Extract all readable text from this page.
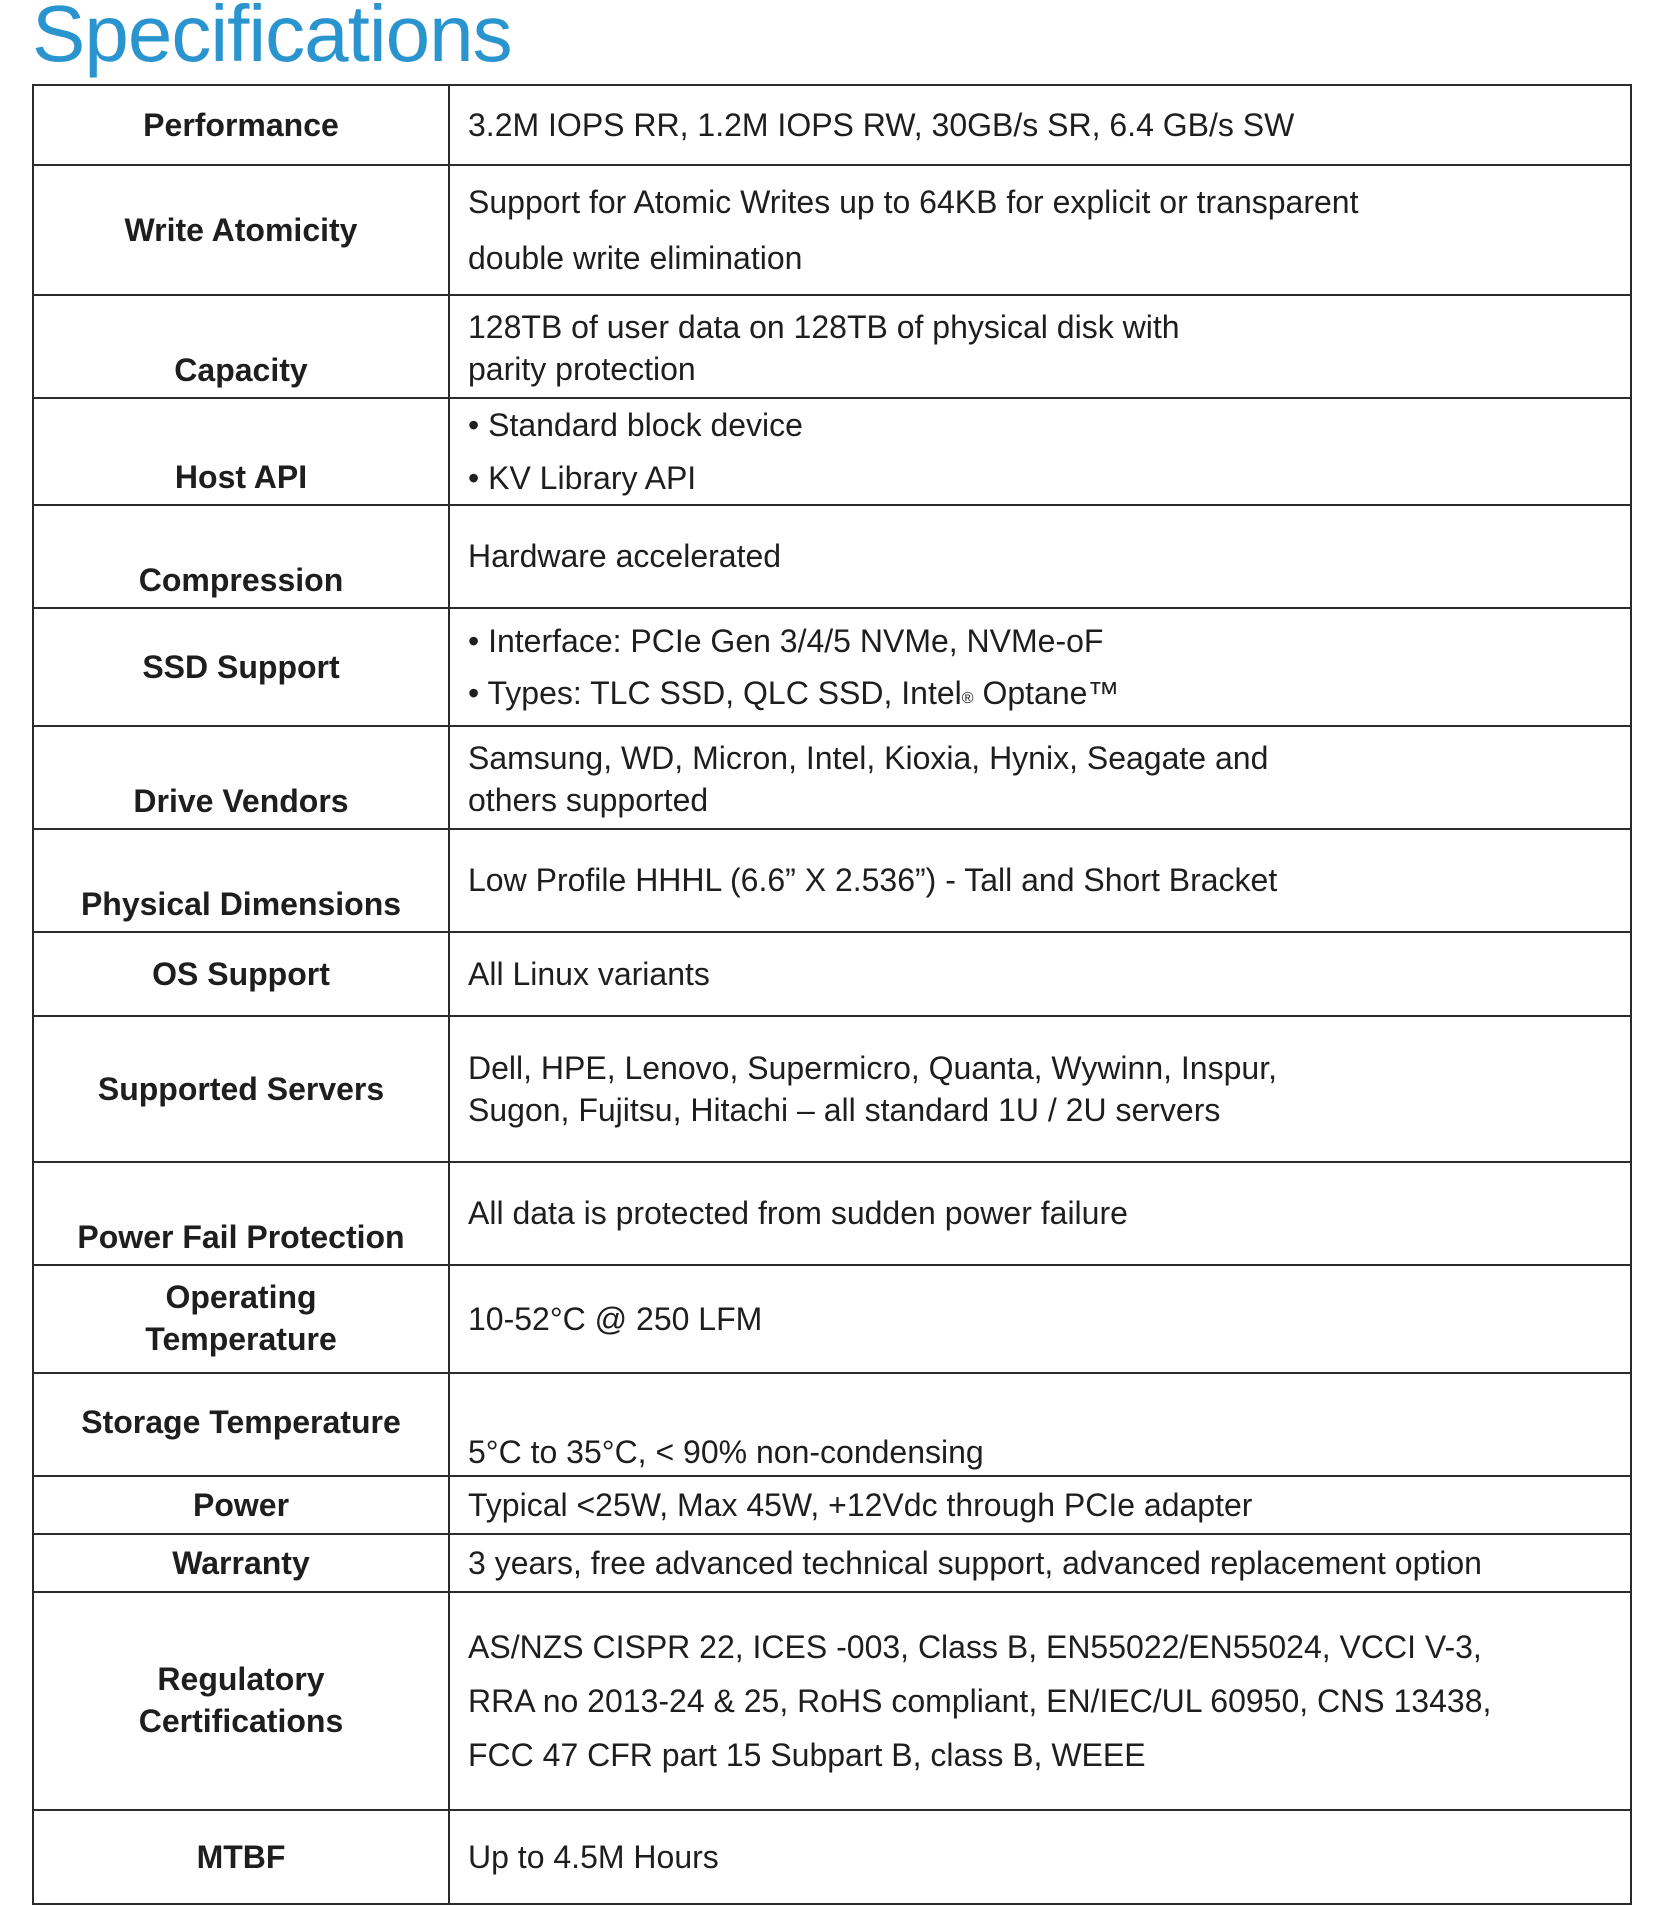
Specifications
Performance	3.2M IOPS RR, 1.2M IOPS RW, 30GB/s SR, 6.4 GB/s SW

Write Atomicity	Support for Atomic Writes up to 64KB for explicit or transparent
double write elimination

Capacity	128TB of user data on 128TB of physical disk with
parity protection

Host API	• Standard block device
• KV Library API

Compression	Hardware accelerated

SSD Support	• Interface: PCIe Gen 3/4/5 NVMe, NVMe-oF
• Types: TLC SSD, QLC SSD, Intel® Optane™

Drive Vendors	Samsung, WD, Micron, Intel, Kioxia, Hynix, Seagate and
others supported

Physical Dimensions	Low Profile HHHL (6.6” X 2.536”) - Tall and Short Bracket

OS Support	All Linux variants

Supported Servers	Dell, HPE, Lenovo, Supermicro, Quanta, Wywinn, Inspur,
Sugon, Fujitsu, Hitachi – all standard 1U / 2U servers

Power Fail Protection	All data is protected from sudden power failure

Operating
Temperature	10-52°C @ 250 LFM

Storage Temperature	5°C to 35°C, < 90% non-condensing

Power	Typical <25W, Max 45W, +12Vdc through PCIe adapter

Warranty	3 years, free advanced technical support, advanced replacement option

Regulatory
Certifications	AS/NZS CISPR 22, ICES -003, Class B, EN55022/EN55024, VCCI V-3,
RRA no 2013-24 & 25, RoHS compliant, EN/IEC/UL 60950, CNS 13438,
FCC 47 CFR part 15 Subpart B, class B, WEEE

MTBF	Up to 4.5M Hours
